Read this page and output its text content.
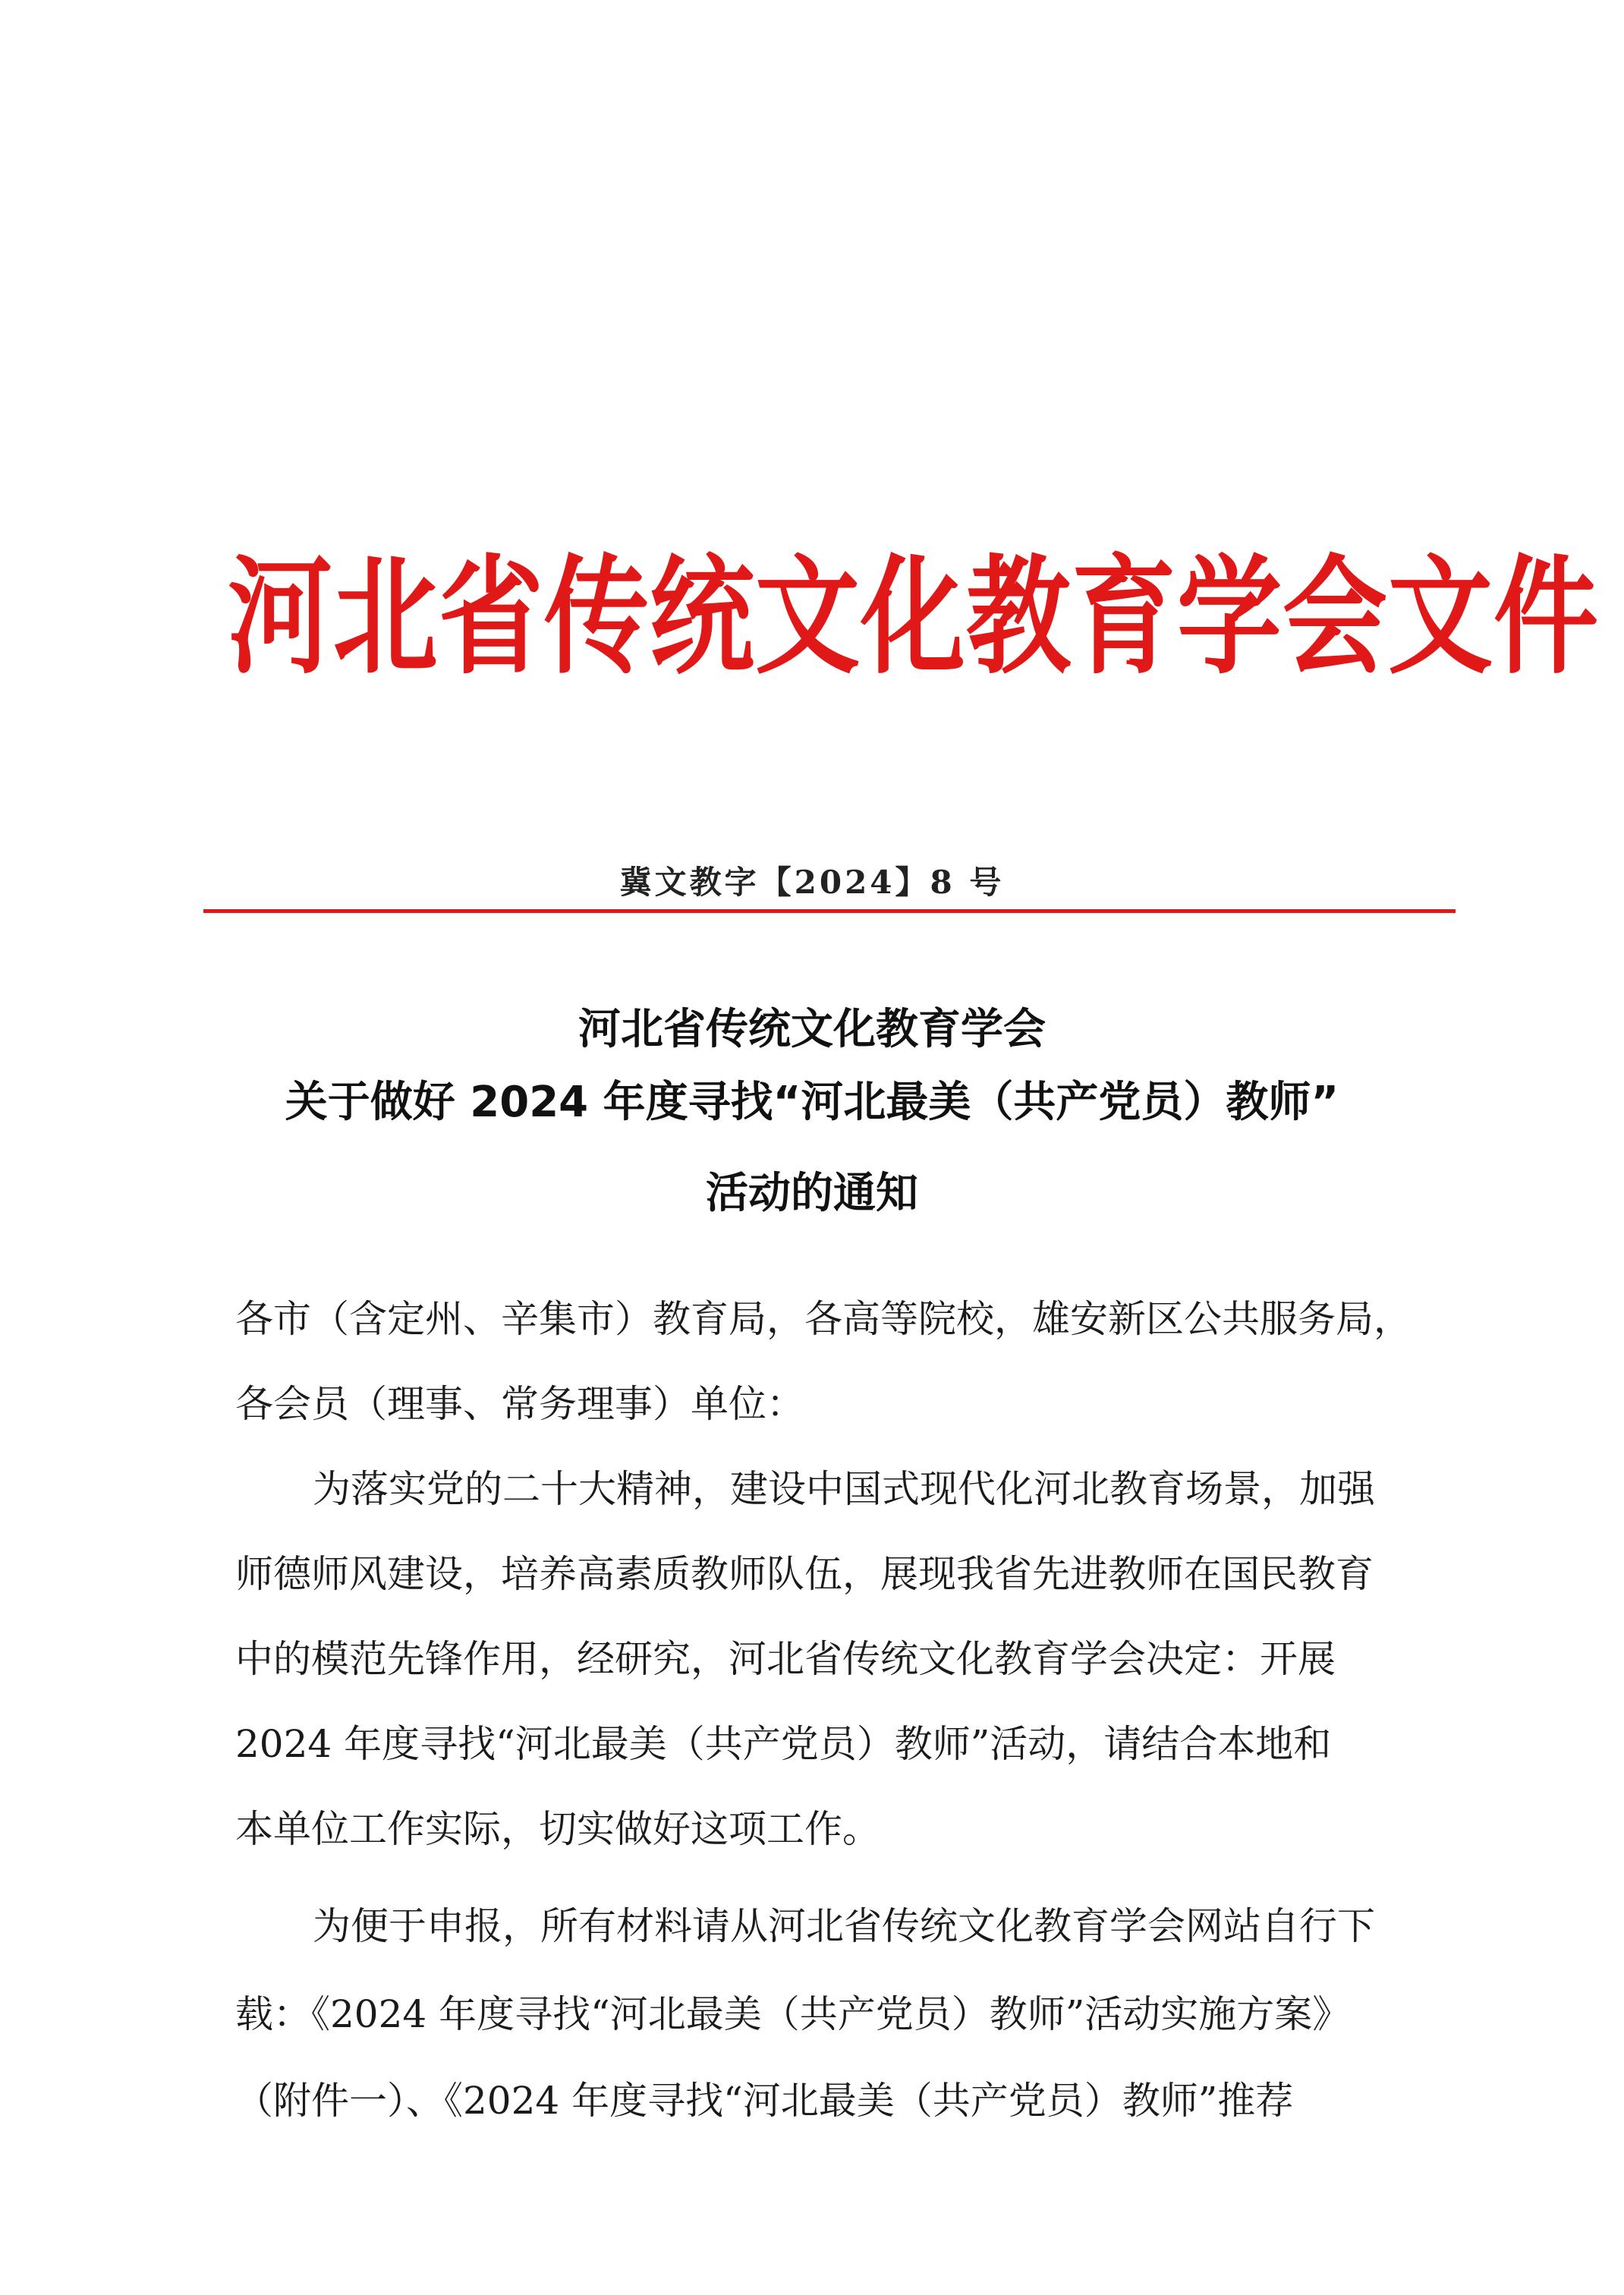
河北省传统文化教育学会文件
冀文教字【2024】8 号
河北省传统文化教育学会
关于做好 2024 年度寻找“河北最美（共产党员）教师”
活动的通知
各市（含定州、辛集市）教育局，各高等院校，雄安新区公共服务局，
各会员（理事、常务理事）单位：
为落实党的二十大精神，建设中国式现代化河北教育场景，加强
师德师风建设，培养高素质教师队伍，展现我省先进教师在国民教育
中的模范先锋作用，经研究，河北省传统文化教育学会决定：开展
2024 年度寻找“河北最美（共产党员）教师”活动，请结合本地和
本单位工作实际，切实做好这项工作。
为便于申报，所有材料请从河北省传统文化教育学会网站自行下
载：《2024 年度寻找“河北最美（共产党员）教师”活动实施方案》
（附件一）、《2024 年度寻找“河北最美（共产党员）教师”推荐
